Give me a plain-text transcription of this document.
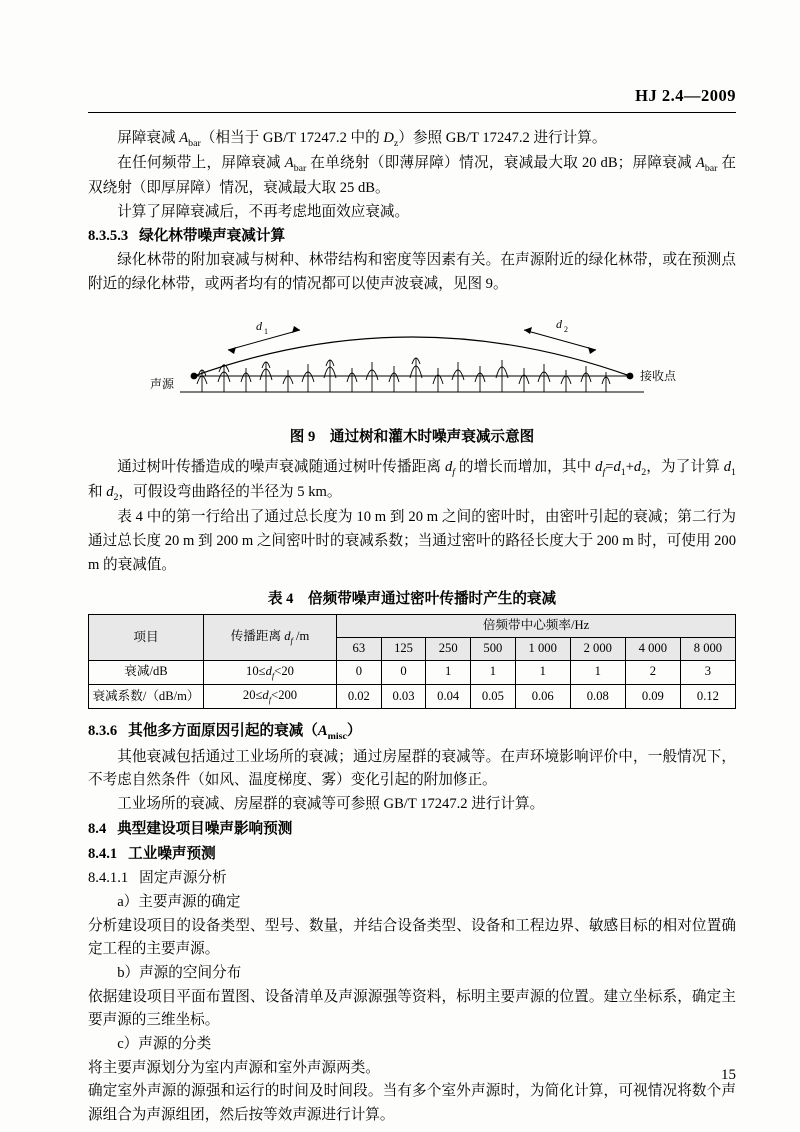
HJ 2.4—2009

屏障衰减 $A_{bar}$（相当于 GB/T 17247.2 中的 $D_z$）参照 GB/T 17247.2 进行计算。

在任何频带上，屏障衰减 $A_{bar}$ 在单绕射（即薄屏障）情况，衰减最大取 20 dB；屏障衰减 $A_{bar}$ 在双绕射（即厚屏障）情况，衰减最大取 25 dB。

计算了屏障衰减后，不再考虑地面效应衰减。

8.3.5.3 绿化林带噪声衰减计算

绿化林带的附加衰减与树种、林带结构和密度等因素有关。在声源附近的绿化林带，或在预测点附近的绿化林带，或两者均有的情况都可以使声波衰减，见图 9。

d 1
d 2
声源
接收点
图 9　通过树和灌木时噪声衰减示意图

通过树叶传播造成的噪声衰减随通过树叶传播距离 $d_f$ 的增长而增加，其中 $d_f=d_1+d_2$，为了计算 $d_1$ 和 $d_2$，可假设弯曲路径的半径为 5 km。

表 4 中的第一行给出了通过总长度为 10 m 到 20 m 之间的密叶时，由密叶引起的衰减；第二行为通过总长度 20 m 到 200 m 之间密叶时的衰减系数；当通过密叶的路径长度大于 200 m 时，可使用 200 m 的衰减值。

表 4　倍频带噪声通过密叶传播时产生的衰减
项目	传播距离 $d_f$ /m	倍频带中心频率/Hz							
		63	125	250	500	1 000	2 000	4 000	8 000
衰减/dB	$10\le d_f<20$	0	0	1	1	1	1	2	3
衰减系数/（dB/m）	$20\le d_f<200$	0.02	0.03	0.04	0.05	0.06	0.08	0.09	0.12

8.3.6   其他多方面原因引起的衰减$(A_{misc})$

其他衰减包括通过工业场所的衰减；通过房屋群的衰减等。在声环境影响评价中，一般情况下，不考虑自然条件（如风、温度梯度、雾）变化引起的附加修正。

工业场所的衰减、房屋群的衰减等可参照 GB/T 17247.2 进行计算。

8.4 典型建设项目噪声影响预测

8.4.1 工业噪声预测

8.4.1.1 固定声源分析

a）主要声源的确定

分析建设项目的设备类型、型号、数量，并结合设备类型、设备和工程边界、敏感目标的相对位置确定工程的主要声源。

b）声源的空间分布

依据建设项目平面布置图、设备清单及声源源强等资料，标明主要声源的位置。建立坐标系，确定主要声源的三维坐标。

c）声源的分类

将主要声源划分为室内声源和室外声源两类。

确定室外声源的源强和运行的时间及时间段。当有多个室外声源时，为简化计算，可视情况将数个声源组合为声源组团，然后按等效声源进行计算。

15
